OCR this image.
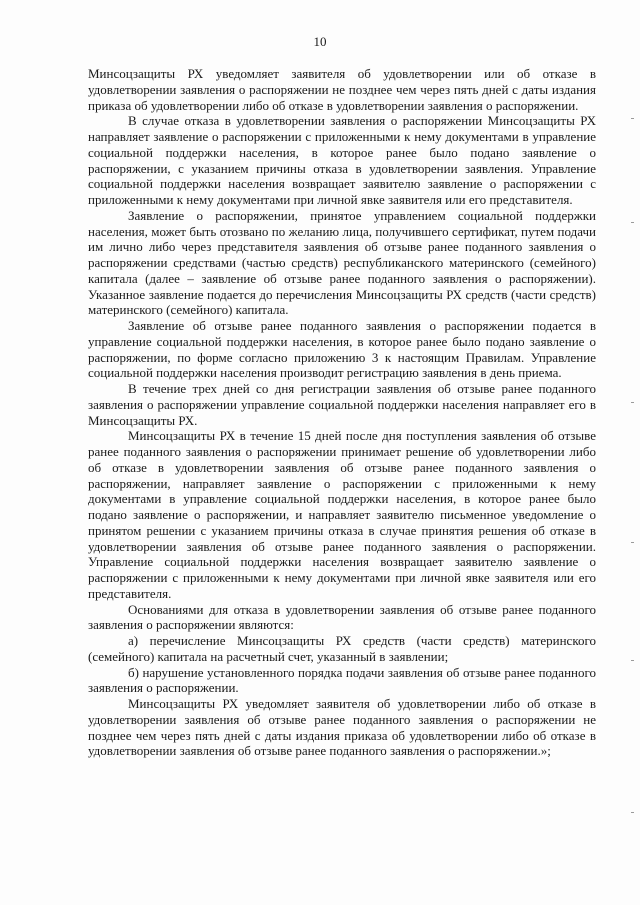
10

Минсоцзащиты РХ уведомляет заявителя об удовлетворении или об отказе в удовлетворении заявления о распоряжении не позднее чем через пять дней с даты издания приказа об удовлетворении либо об отказе в удовлетворении заявления о распоряжении.

В случае отказа в удовлетворении заявления о распоряжении Минсоцзащиты РХ направляет заявление о распоряжении с приложенными к нему документами в управление социальной поддержки населения, в которое ранее было подано заявление о распоряжении, с указанием причины отказа в удовлетворении заявления. Управление социальной поддержки населения возвращает заявителю заявление о распоряжении с приложенными к нему документами при личной явке заявителя или его представителя.

Заявление о распоряжении, принятое управлением социальной поддержки населения, может быть отозвано по желанию лица, получившего сертификат, путем подачи им лично либо через представителя заявления об отзыве ранее поданного заявления о распоряжении средствами (частью средств) республиканского материнского (семейного) капитала (далее – заявление об отзыве ранее поданного заявления о распоряжении). Указанное заявление подается до перечисления Минсоцзащиты РХ средств (части средств) материнского (семейного) капитала.

Заявление об отзыве ранее поданного заявления о распоряжении подается в управление социальной поддержки населения, в которое ранее было подано заявление о распоряжении, по форме согласно приложению 3 к настоящим Правилам. Управление социальной поддержки населения производит регистрацию заявления в день приема.

В течение трех дней со дня регистрации заявления об отзыве ранее поданного заявления о распоряжении управление социальной поддержки населения направляет его в Минсоцзащиты РХ.

Минсоцзащиты РХ в течение 15 дней после дня поступления заявления об отзыве ранее поданного заявления о распоряжении принимает решение об удовлетворении либо об отказе в удовлетворении заявления об отзыве ранее поданного заявления о распоряжении, направляет заявление о распоряжении с приложенными к нему документами в управление социальной поддержки населения, в которое ранее было подано заявление о распоряжении, и направляет заявителю письменное уведомление о принятом решении с указанием причины отказа в случае принятия решения об отказе в удовлетворении заявления об отзыве ранее поданного заявления о распоряжении. Управление социальной поддержки населения возвращает заявителю заявление о распоряжении с приложенными к нему документами при личной явке заявителя или его представителя.

Основаниями для отказа в удовлетворении заявления об отзыве ранее поданного заявления о распоряжении являются:

а) перечисление Минсоцзащиты РХ средств (части средств) материнского (семейного) капитала на расчетный счет, указанный в заявлении;

б) нарушение установленного порядка подачи заявления об отзыве ранее поданного заявления о распоряжении.

Минсоцзащиты РХ уведомляет заявителя об удовлетворении либо об отказе в удовлетворении заявления об отзыве ранее поданного заявления о распоряжении не позднее чем через пять дней с даты издания приказа об удовлетворении либо об отказе в удовлетворении заявления об отзыве ранее поданного заявления о распоряжении.»;
